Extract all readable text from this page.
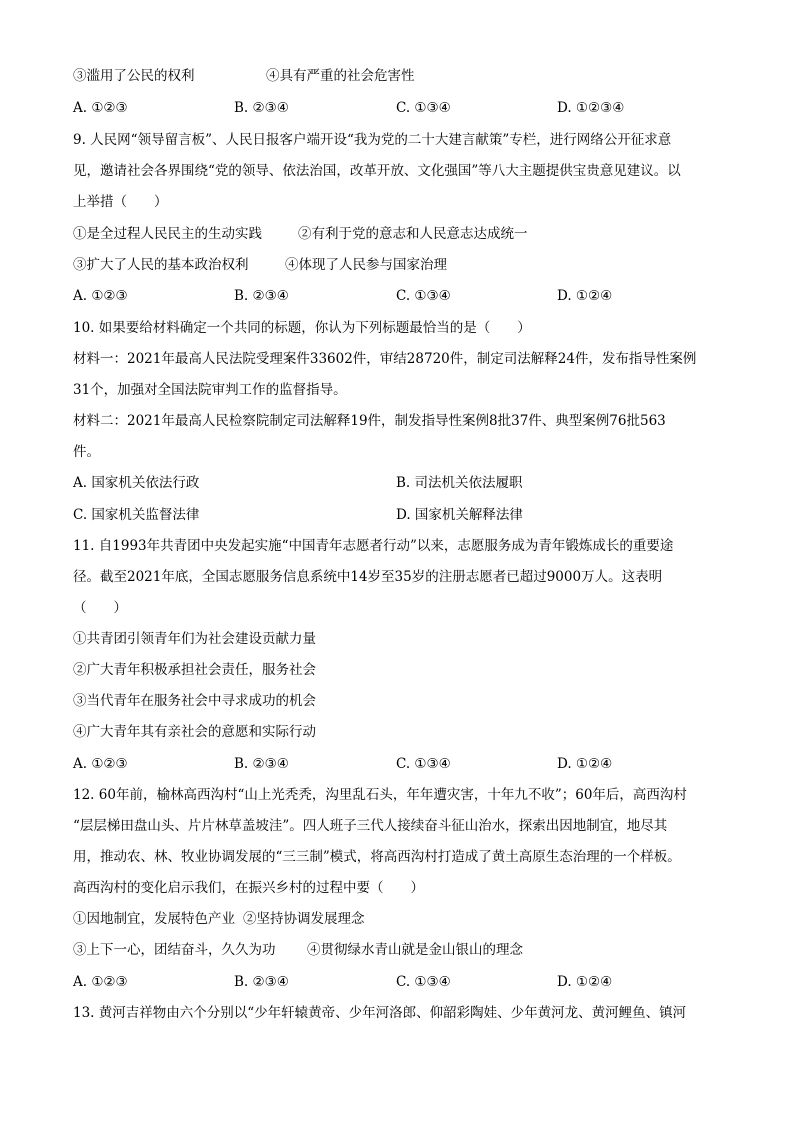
③滥用了公民的权利	④具有严重的社会危害性
A. ①②③	B. ②③④	C. ①③④	D. ①②③④
9. 人民网“领导留言板”、人民日报客户端开设“我为党的二十大建言献策”专栏，进行网络公开征求意
见，邀请社会各界围绕“党的领导、依法治国，改革开放、文化强国”等八大主题提供宝贵意见建议。以
上举措（　　）
①是全过程人民民主的生动实践	②有利于党的意志和人民意志达成统一
③扩大了人民的基本政治权利	④体现了人民参与国家治理
A. ①②③	B. ②③④	C. ①③④	D. ①②④
10. 如果要给材料确定一个共同的标题，你认为下列标题最恰当的是（　　）
材料一：2021年最高人民法院受理案件33602件，审结28720件，制定司法解释24件，发布指导性案例
31个，加强对全国法院审判工作的监督指导。
材料二：2021年最高人民检察院制定司法解释19件，制发指导性案例8批37件、典型案例76批563
件。
A. 国家机关依法行政	B. 司法机关依法履职
C. 国家机关监督法律	D. 国家机关解释法律
11. 自1993年共青团中央发起实施“中国青年志愿者行动”以来，志愿服务成为青年锻炼成长的重要途
径。截至2021年底，全国志愿服务信息系统中14岁至35岁的注册志愿者已超过9000万人。这表明
（　　）
①共青团引领青年们为社会建设贡献力量
②广大青年积极承担社会责任，服务社会
③当代青年在服务社会中寻求成功的机会
④广大青年其有亲社会的意愿和实际行动
A. ①②③	B. ②③④	C. ①③④	D. ①②④
12. 60年前，榆林高西沟村“山上光秃秃，沟里乱石头，年年遭灾害，十年九不收”；60年后，高西沟村
“层层梯田盘山头、片片林草盖坡洼”。四人班子三代人接续奋斗征山治水，探索出因地制宜，地尽其
用，推动农、林、牧业协调发展的“三三制”模式，将高西沟村打造成了黄土高原生态治理的一个样板。
高西沟村的变化启示我们，在振兴乡村的过程中要（　　）
①因地制宜，发展特色产业 ②坚持协调发展理念
③上下一心，团结奋斗，久久为功 ④贯彻绿水青山就是金山银山的理念
A. ①②③	B. ②③④	C. ①③④	D. ①②④
13. 黄河吉祥物由六个分别以“少年轩辕黄帝、少年河洛郎、仰韶彩陶娃、少年黄河龙、黄河鲤鱼、镇河
